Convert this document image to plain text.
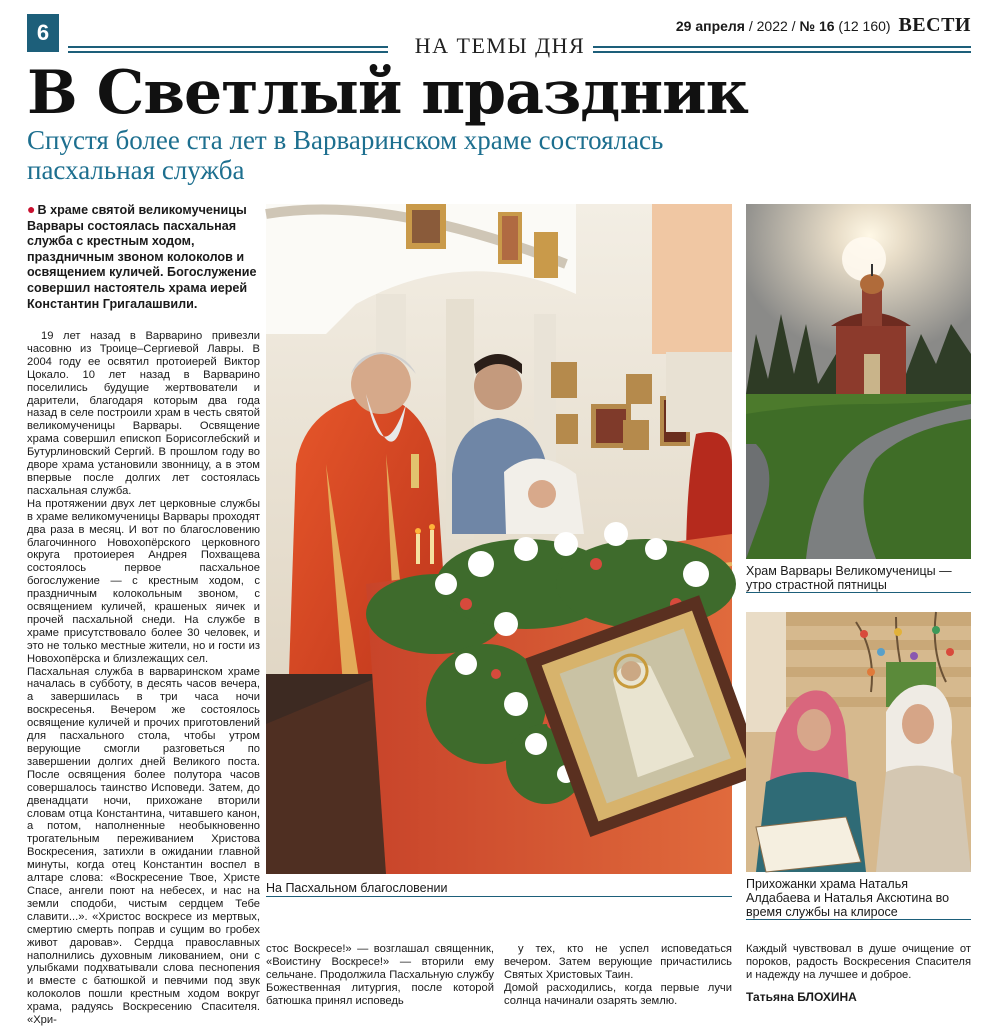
6	29 апреля / 2022 / № 16 (12 160) ВЕСТИ
НА ТЕМЫ ДНЯ
В Светлый праздник
Спустя более ста лет в Варваринском храме состоялась пасхальная служба
● В храме святой великомученицы Варвары состоялась пасхальная служба с крестным ходом, праздничным звоном колоколов и освящением куличей. Богослужение совершил настоятель храма иерей Константин Григалашвили.
19 лет назад в Варварино привезли часовню из Троице–Сергиевой Лавры. В 2004 году ее освятил протоиерей Виктор Цокало. 10 лет назад в Варварино поселились будущие жертвователи и дарители, благодаря которым два года назад в селе построили храм в честь святой великомученицы Варвары. Освящение храма совершил епископ Борисоглебский и Бутурлиновский Сергий. В прошлом году во дворе храма установили звонницу, а в этом впервые после долгих лет состоялась пасхальная служба.
На протяжении двух лет церковные службы в храме великомученицы Варвары проходят два раза в месяц. И вот по благословению благочинного Новохопёрского церковного округа протоиерея Андрея Похващева состоялось первое пасхальное богослужение — с крестным ходом, с праздничным колокольным звоном, с освящением куличей, крашеных яичек и прочей пасхальной снеди. На службе в храме присутствовало более 30 человек, и это не только местные жители, но и гости из Новохопёрска и близлежащих сел.
Пасхальная служба в варваринском храме началась в субботу, в десять часов вечера, а завершилась в три часа ночи воскресенья. Вечером же состоялось освящение куличей и прочих приготовлений для пасхального стола, чтобы утром верующие смогли разговеться по завершении долгих дней Великого поста. После освящения более полутора часов совершалось таинство Исповеди. Затем, до двенадцати ночи, прихожане вторили словам отца Константина, читавшего канон, а потом, наполненные необыкновенно трогательным переживанием Христова Воскресения, затихли в ожидании главной минуты, когда отец Константин воспел в алтаре слова: «Воскресение Твое, Христе Спасе, ангели поют на небесех, и нас на земли сподоби, чистым сердцем Тебе славити...». «Христос воскресе из мертвых, смертию смерть поправ и сущим во гробех живот даровав». Сердца православных наполнились духовным ликованием, они с улыбками подхватывали слова песнопения и вместе с батюшкой и певчими под звук колоколов пошли крестным ходом вокруг храма, радуясь Воскресению Спасителя. «Хри-
На Пасхальном благословении
стос Воскресе!» — возглашал священник, «Воистину Воскресе!» — вторили ему сельчане. Продолжила Пасхальную службу Божественная литургия, после которой батюшка принял исповедь
у тех, кто не успел исповедаться вечером. Затем верующие причастились Святых Христовых Таин.
Домой расходились, когда первые лучи солнца начинали озарять землю.
Храм Варвары Великомученицы — утро страстной пятницы
Прихожанки храма Наталья Алдабаева и Наталья Аксютина во время службы на клиросе
Каждый чувствовал в душе очищение от пороков, радость Воскресения Спасителя и надежду на лучшее и доброе.
Татьяна БЛОХИНА
